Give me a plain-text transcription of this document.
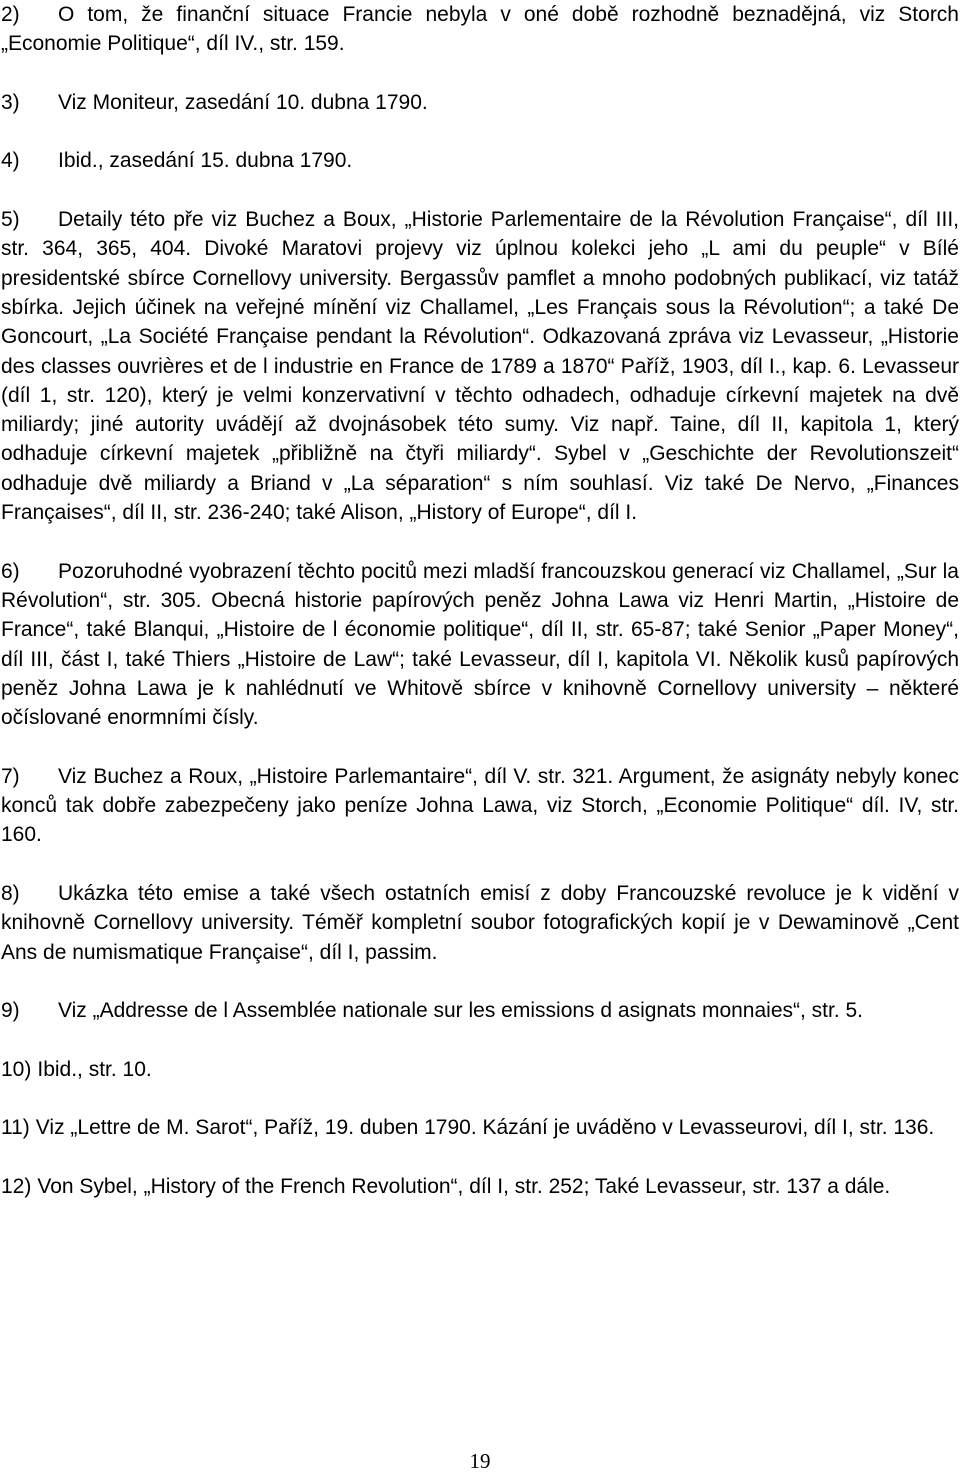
2) O tom, že finanční situace Francie nebyla v oné době rozhodně beznadějná, viz Storch „Economie Politique“, díl IV., str. 159.

3) Viz Moniteur, zasedání 10. dubna 1790.

4) Ibid., zasedání 15. dubna 1790.

5) Detaily této pře viz Buchez a Boux, „Historie Parlementaire de la Révolution Française“, díl III, str. 364, 365, 404. Divoké Maratovi projevy viz úplnou kolekci jeho „L ami du peuple“ v Bílé presidentské sbírce Cornellovy university. Bergassův pamflet a mnoho podobných publikací, viz tatáž sbírka. Jejich účinek na veřejné mínění viz Challamel, „Les Français sous la Révolution“; a také De Goncourt, „La Société Française pendant la Révolution“. Odkazovaná zpráva viz Levasseur, „Historie des classes ouvrières et de l industrie en France de 1789 a 1870“ Paříž, 1903, díl I., kap. 6. Levasseur (díl 1, str. 120), který je velmi konzervativní v těchto odhadech, odhaduje církevní majetek na dvě miliardy; jiné autority uvádějí až dvojnásobek této sumy. Viz např. Taine, díl II, kapitola 1, který odhaduje církevní majetek „přibližně na čtyři miliardy“. Sybel v „Geschichte der Revolutionszeit“ odhaduje dvě miliardy a Briand v „La séparation“ s ním souhlasí. Viz také De Nervo, „Finances Françaises“, díl II, str. 236-240; také Alison, „History of Europe“, díl I.

6) Pozoruhodné vyobrazení těchto pocitů mezi mladší francouzskou generací viz Challamel, „Sur la Révolution“, str. 305. Obecná historie papírových peněz Johna Lawa viz Henri Martin, „Histoire de France“, také Blanqui, „Histoire de l économie politique“, díl II, str. 65-87; také Senior „Paper Money“, díl III, část I, také Thiers „Histoire de Law“; také Levasseur, díl I, kapitola VI. Několik kusů papírových peněz Johna Lawa je k nahlédnutí ve Whitově sbírce v knihovně Cornellovy university – některé očíslované enormními čísly.

7) Viz Buchez a Roux, „Histoire Parlemantaire“, díl V. str. 321. Argument, že asignáty nebyly konec konců tak dobře zabezpečeny jako peníze Johna Lawa, viz Storch, „Economie Politique“ díl. IV, str. 160.

8) Ukázka této emise a také všech ostatních emisí z doby Francouzské revoluce je k vidění v knihovně Cornellovy university. Téměř kompletní soubor fotografických kopií je v Dewaminově „Cent Ans de numismatique Française“, díl I, passim.

9) Viz „Addresse de l Assemblée nationale sur les emissions d asignats monnaies“, str. 5.

10) Ibid., str. 10.

11) Viz „Lettre de M. Sarot“, Paříž, 19. duben 1790. Kázání je uváděno v Levasseurovi, díl I, str. 136.

12) Von Sybel, „History of the French Revolution“, díl I, str. 252; Také Levasseur, str. 137 a dále.

19
